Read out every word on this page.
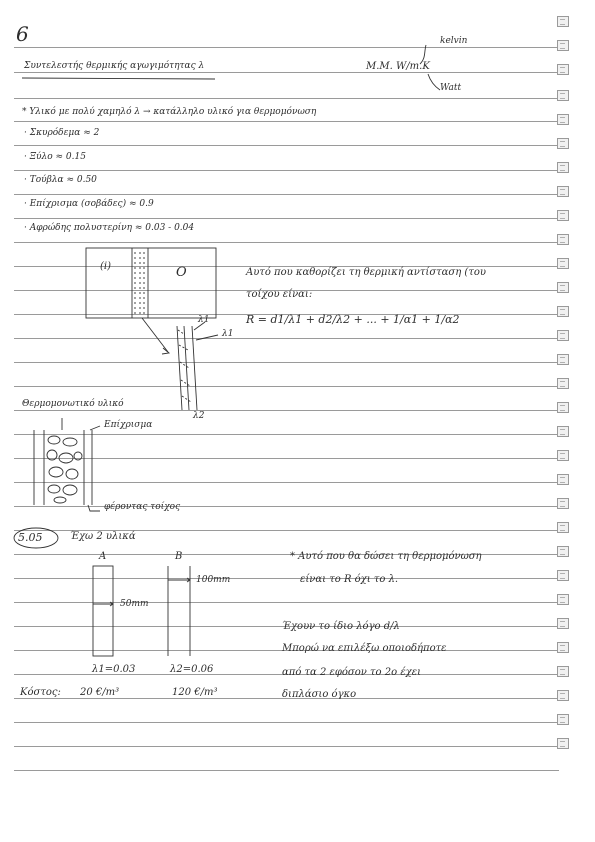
6
Συντελεστής θερμικής αγωγιμότητας λ	Μ.Μ. W/m.K
kelvin
Watt
* Υλικό με πολύ χαμηλό λ → κατάλληλο υλικό για θερμομόνωση
· Σκυρόδεμα ≈ 2
· Ξύλο ≈ 0.15
· Τούβλα ≈ 0.50
· Επίχρισμα (σοβάδες) ≈ 0.9
· Αφρώδης πολυστερίνη ≈ 0.03 - 0.04
(i)	O
λ1
λ1
λ2
Αυτό που καθορίζει τη θερμική αντίσταση (του
τοίχου είναι:
R = d1/λ1 + d2/λ2 + ... + 1/α1 + 1/α2
Θερμομονωτικό υλικό
Επίχρισμα
φέροντας τοίχος
5.05	Έχω 2 υλικά
A	B
50mm
100mm
λ1=0.03	λ2=0.06
Κόστος: 20 €/m³	120 €/m³
* Αυτό που θα δώσει τη θερμομόνωση
είναι το R όχι το λ.
Έχουν το ίδιο λόγο d/λ
Μπορώ να επιλέξω οποιοδήποτε
από τα 2 εφόσον το 2ο έχει
διπλάσιο όγκο
